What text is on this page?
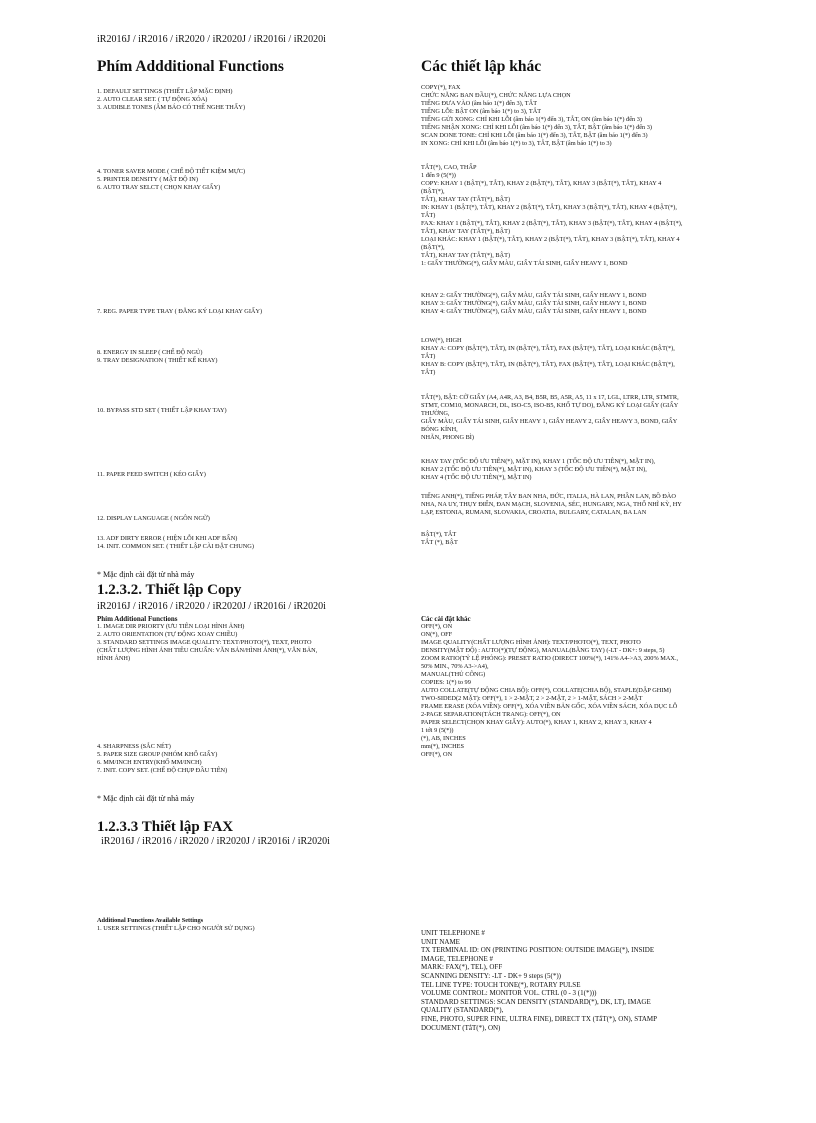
iR2016J / iR2016 / iR2020 / iR2020J / iR2016i / iR2020i
Phím Addditional Functions	Các thiết lập khác
1. DEFAULT SETTINGS (THIẾT LẬP MẶC ĐỊNH)
2. AUTO CLEAR SET. ( TỰ ĐỘNG XÓA)
3. AUDIBLE TONES (ÂM BÁO CÓ THỂ NGHE THẤY)
COPY(*), FAX
CHỨC NĂNG BAN ĐẦU(*), CHỨC NĂNG LỰA CHỌN
TIẾNG ĐƯA VÀO (âm báo 1(*) đến 3), TẮT
TIẾNG LỖI: BẬT ON (âm báo 1(*) to 3), TẮT
TIẾNG GỬI XONG: CHỈ KHI LỖI (âm báo 1(*) đến 3), TẮT, ON (âm báo 1(*) đến 3)
TIẾNG NHẬN XONG: CHỈ KHI LỖI (âm báo 1(*) đến 3), TẮT, BẬT (âm báo 1(*) đến 3)
SCAN DONE TONE: CHỈ KHI LỖI (âm báo 1(*) đến 3), TẮT, BẬT (âm báo 1(*) đến 3)
IN XONG: CHỈ KHI LỖI (âm báo 1(*) to 3), TẮT, BẬT (âm báo 1(*) to 3)
4. TONER SAVER MODE ( CHẾ ĐỘ TIẾT KIỆM MỰC)
5. PRINTER DENSITY ( MẬT ĐỘ IN)
6. AUTO TRAY SELCT ( CHỌN KHAY GIẤY)
TẮT(*), CAO, THẤP
1 đến 9 (5(*))
COPY: KHAY 1 (BẬT(*), TẮT), KHAY 2 (BẬT(*), TẮT), KHAY 3 (BẬT(*), TẮT), KHAY 4
(BẬT(*),
TẮT), KHAY TAY (TẮT(*), BẬT)
IN: KHAY 1 (BẬT(*), TẮT), KHAY 2 (BẬT(*), TẮT), KHAY 3 (BẬT(*), TẮT), KHAY 4 (BẬT(*),
TẮT)
FAX: KHAY 1 (BẬT(*), TẮT), KHAY 2 (BẬT(*), TẮT), KHAY 3 (BẬT(*), TẮT), KHAY 4 (BẬT(*),
TẮT), KHAY TAY (TẮT(*), BẬT)
LOẠI KHÁC: KHAY 1 (BẬT(*), TẮT), KHAY 2 (BẬT(*), TẮT), KHAY 3 (BẬT(*), TẮT), KHAY 4
(BẬT(*),
TẮT), KHAY TAY (TẮT(*), BẬT)
1: GIẤY THƯỜNG(*), GIẤY MÀU, GIẤY TÁI SINH, GIẤY HEAVY 1, BOND
7. REG. PAPER TYPE TRAY ( ĐĂNG KÝ LOẠI KHAY GIẤY)
KHAY 2: GIẤY THƯỜNG(*), GIẤY MÀU, GIẤY TÁI SINH, GIẤY HEAVY 1, BOND
KHAY 3: GIẤY THƯỜNG(*), GIẤY MÀU, GIẤY TÁI SINH, GIẤY HEAVY 1, BOND
KHAY 4: GIẤY THƯỜNG(*), GIẤY MÀU, GIẤY TÁI SINH, GIẤY HEAVY 1, BOND
8. ENERGY IN SLEEP ( CHẾ ĐỘ NGỦ)
9. TRAY DESIGNATION ( THIẾT KẾ KHAY)
LOW(*), HIGH
KHAY A: COPY (BẬT(*), TẮT), IN (BẬT(*), TẮT), FAX (BẬT(*), TẮT), LOẠI KHÁC (BẬT(*),
TẮT)
KHAY B: COPY (BẬT(*), TẮT), IN (BẬT(*), TẮT), FAX (BẬT(*), TẮT), LOẠI KHÁC (BẬT(*),
TẮT)
10. BYPASS STD SET ( THIẾT LẬP KHAY TAY)
TẮT(*), BẬT: CỠ GIẤY (A4, A4R, A3, B4, B5R, B5, A5R, A5, 11 x 17, LGL, LTRR, LTR, STMTR,
STMT, COM10, MONARCH, DL, ISO-C5, ISO-B5, KHỔ TỰ DO), ĐĂNG KÝ LOẠI GIẤY (GIẤY
THƯỜNG,
GIẤY MÀU, GIẤY TÁI SINH, GIẤY HEAVY 1, GIẤY HEAVY 2, GIẤY HEAVY 3, BOND, GIẤY
BÓNG KÍNH,
NHÃN, PHONG BÌ)
11. PAPER FEED SWITCH ( KÉO GIẤY)
KHAY TAY (TỐC ĐỘ ƯU TIÊN(*), MẶT IN), KHAY 1 (TỐC ĐỘ ƯU TIÊN(*), MẶT IN),
KHAY 2 (TỐC ĐỘ ƯU TIÊN(*), MẶT IN), KHAY 3 (TỐC ĐỘ ƯU TIÊN(*), MẶT IN),
KHAY 4 (TỐC ĐỘ ƯU TIÊN(*), MẶT IN)
12. DISPLAY LANGUAGE ( NGÔN NGỮ)
TIẾNG ANH(*), TIẾNG PHÁP, TÂY BAN NHA, ĐỨC, ITALIA, HÀ LAN, PHẦN LAN, BỒ ĐÀO
NHA, NA UY, THỤY ĐIỂN, ĐAN MẠCH, SLOVENIA, SÉC, HUNGARY, NGA, THỔ NHĨ KỲ, HY
LẠP, ESTONIA, RUMANI, SLOVAKIA, CROATIA, BULGARY, CATALAN, BA LAN
13. ADF DIRTY ERROR ( HIỆN LỖI KHI ADF BẨN)
14. INIT. COMMON SET. ( THIẾT LẬP CÀI ĐẶT CHUNG)
BẬT(*), TẮT
TẮT (*), BẬT
* Mặc định cài đặt từ nhà máy
1.2.3.2. Thiết lập Copy
iR2016J / iR2016 / iR2020 / iR2020J / iR2016i / iR2020i
Phím Additional Functions	Các cài đặt khác
1. IMAGE DIR PRIORTY (ƯU TIÊN LOẠI HÌNH ẢNH)
2. AUTO ORIENTATION (TỰ ĐỘNG XOAY CHIỀU)
3. STANDARD SETTINGS IMAGE QUALITY: TEXT/PHOTO(*), TEXT, PHOTO
(CHẤT LƯỢNG HÌNH ẢNH TIÊU CHUẨN: VĂN BẢN/HÌNH ẢNH(*), VĂN BẢN,
HÌNH ẢNH)
4. SHARPNESS (SẮC NÉT)
5. PAPER SIZE GROUP (NHÓM KHỔ GIẤY)
6. MM/INCH ENTRY(KHỔ MM/INCH)
7. INIT. COPY SET. (CHẾ ĐỘ CHỤP ĐẦU TIÊN)
OFF(*), ON
ON(*), OFF
IMAGE QUALITY(CHẤT LƯỢNG HÌNH ẢNH): TEXT/PHOTO(*), TEXT, PHOTO
DENSITY(MẬT ĐỘ) : AUTO(*)(TỰ ĐỘNG), MANUAL(BẰNG TAY) (-LT - DK+: 9 steps, 5)
ZOOM RATIO(TỶ LỆ PHÓNG): PRESET RATIO (DIRECT 100%(*), 141% A4->A3, 200% MAX.,
50% MIN., 70% A3->A4),
MANUAL(THỦ CÔNG)
COPIES: 1(*) to 99
AUTO COLLATE(TỰ ĐỘNG CHIA BỘ): OFF(*), COLLATE(CHIA BỘ), STAPLE(DẬP GHIM)
TWO-SIDED(2 MẶT): OFF(*), 1 > 2-MẶT, 2 > 2-MẶT, 2 > 1-MẶT, SÁCH > 2-MẶT
FRAME ERASE (XÓA VIỀN): OFF(*), XÓA VIỀN BẢN GỐC, XÓA VIỀN SÁCH, XÓA DỤC LỖ
2-PAGE SEPARATION(TÁCH TRANG): OFF(*), ON
PAPER SELECT(CHỌN KHAY GIẤY): AUTO(*), KHAY 1, KHAY 2, KHAY 3, KHAY 4
1 tới 9 (5(*))
(*), AB, INCHES
mm(*), INCHES
OFF(*), ON
* Mặc định cài đặt từ nhà máy
1.2.3.3 Thiết lập FAX
iR2016J / iR2016 / iR2020 / iR2020J / iR2016i / iR2020i
Additional Functions Available Settings
1. USER SETTINGS (THIẾT LẬP CHO NGƯỜI SỬ DỤNG)
UNIT TELEPHONE #
UNIT NAME
TX TERMINAL ID: ON (PRINTING POSITION: OUTSIDE IMAGE(*), INSIDE
IMAGE, TELEPHONE #
MARK: FAX(*), TEL), OFF
SCANNING DENSITY: -LT - DK+ 9 steps (5(*))
TEL LINE TYPE: TOUCH TONE(*), ROTARY PULSE
VOLUME CONTROL: MONITOR VOL. CTRL (0 - 3 (1(*)))
STANDARD SETTINGS: SCAN DENSITY (STANDARD(*), DK, LT), IMAGE
QUALITY (STANDARD(*),
FINE, PHOTO, SUPER FINE, ULTRA FINE), DIRECT TX (TắT(*), ON), STAMP
DOCUMENT (TắT(*), ON)
